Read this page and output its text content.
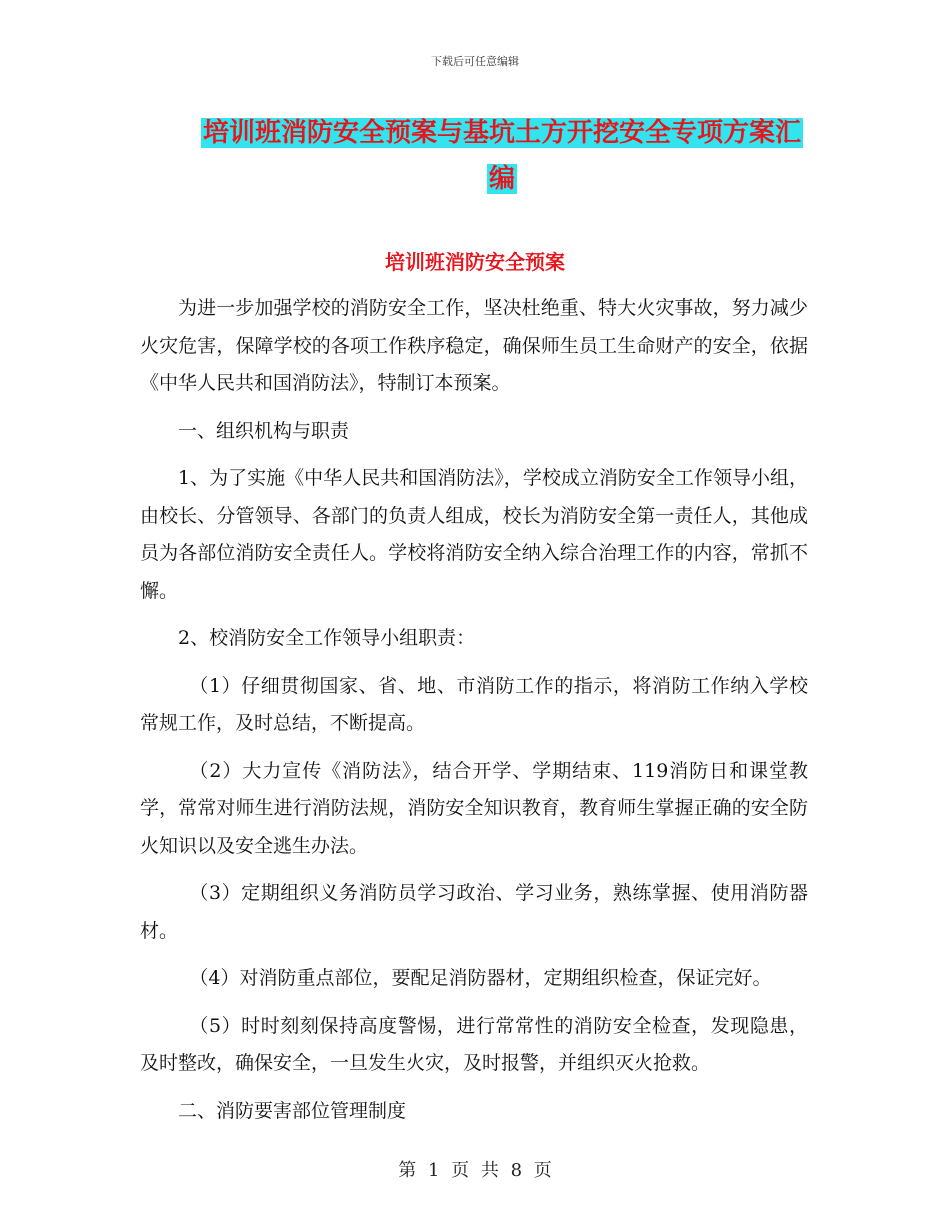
下载后可任意编辑
培训班消防安全预案与基坑土方开挖安全专项方案汇
编
培训班消防安全预案

为进一步加强学校的消防安全工作，坚决杜绝重、特大火灾事故，努力减少火灾危害，保障学校的各项工作秩序稳定，确保师生员工生命财产的安全，依据《中华人民共和国消防法》，特制订本预案。

一、组织机构与职责

1、为了实施《中华人民共和国消防法》，学校成立消防安全工作领导小组，由校长、分管领导、各部门的负责人组成，校长为消防安全第一责任人，其他成员为各部位消防安全责任人。学校将消防安全纳入综合治理工作的内容，常抓不懈。

2、校消防安全工作领导小组职责：

（1）仔细贯彻国家、省、地、市消防工作的指示，将消防工作纳入学校常规工作，及时总结，不断提高。

（2）大力宣传《消防法》，结合开学、学期结束、119消防日和课堂教学，常常对师生进行消防法规，消防安全知识教育，教育师生掌握正确的安全防火知识以及安全逃生办法。

（3）定期组织义务消防员学习政治、学习业务，熟练掌握、使用消防器材。

（4）对消防重点部位，要配足消防器材，定期组织检查，保证完好。

（5）时时刻刻保持高度警惕，进行常常性的消防安全检查，发现隐患，及时整改，确保安全，一旦发生火灾，及时报警，并组织灭火抢救。

二、消防要害部位管理制度

第 1 页 共 8 页
